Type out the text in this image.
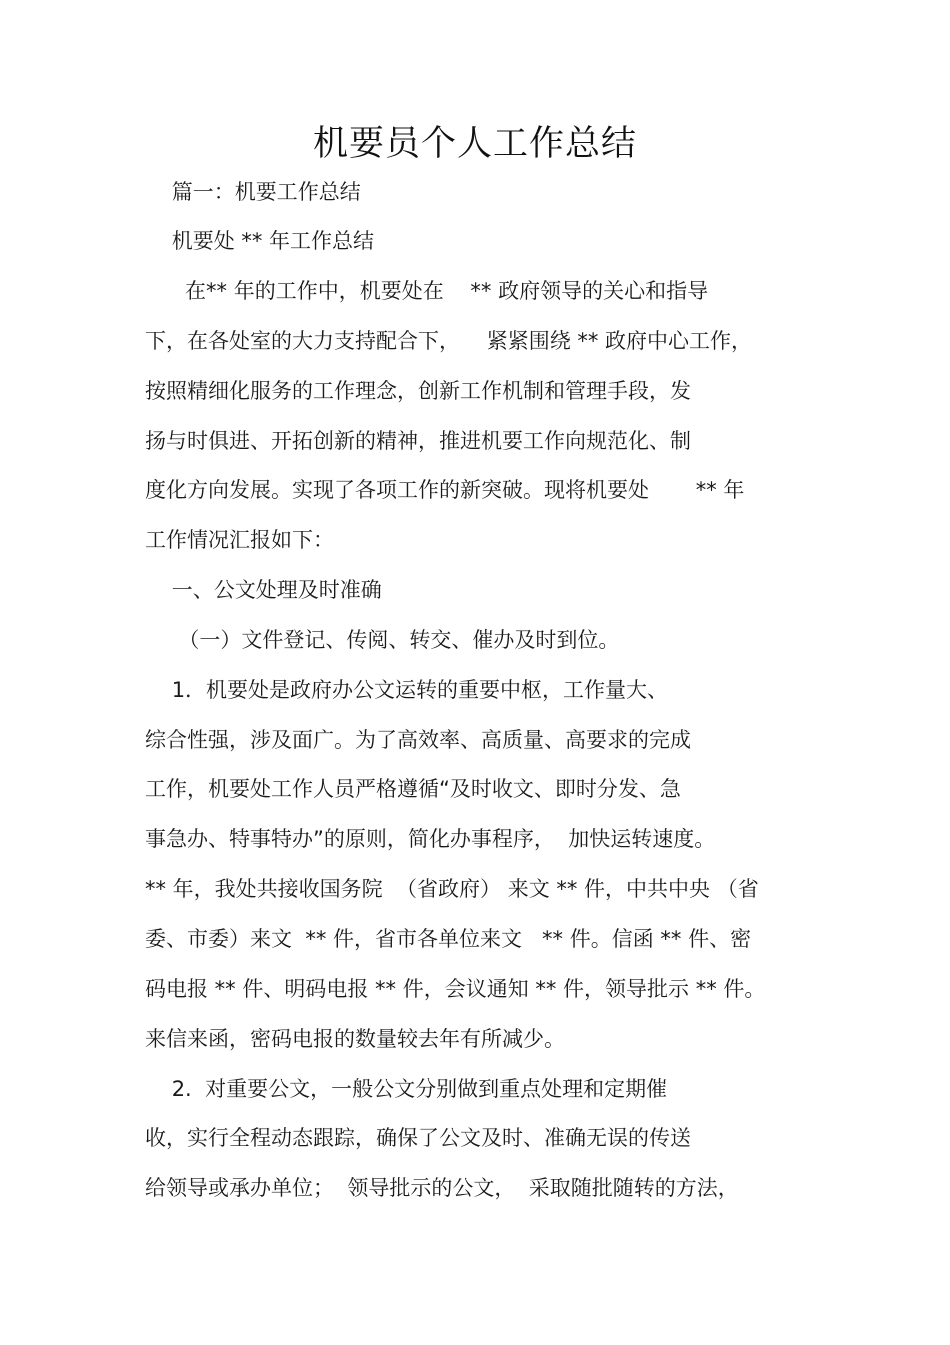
机要员个人工作总结
篇一：机要工作总结
机要处 ** 年工作总结
在** 年的工作中，机要处在    ** 政府领导的关心和指导
下，在各处室的大力支持配合下，    紧紧围绕 ** 政府中心工作，
按照精细化服务的工作理念，创新工作机制和管理手段，发
扬与时俱进、开拓创新的精神，推进机要工作向规范化、制
度化方向发展。实现了各项工作的新突破。现将机要处       ** 年
工作情况汇报如下：
一、公文处理及时准确
（一）文件登记、传阅、转交、催办及时到位。
1．机要处是政府办公文运转的重要中枢，工作量大、
综合性强，涉及面广。为了高效率、高质量、高要求的完成
工作，机要处工作人员严格遵循“及时收文、即时分发、急
事急办、特事特办”的原则，简化办事程序，  加快运转速度。
** 年，我处共接收国务院  （省政府） 来文 ** 件，中共中央 （省
委、市委）来文  ** 件，省市各单位来文   ** 件。信函 ** 件、密
码电报 ** 件、明码电报 ** 件，会议通知 ** 件，领导批示 ** 件。
来信来函，密码电报的数量较去年有所减少。
2.  对重要公文，一般公文分别做到重点处理和定期催
收，实行全程动态跟踪，确保了公文及时、准确无误的传送
给领导或承办单位；  领导批示的公文，  采取随批随转的方法，
